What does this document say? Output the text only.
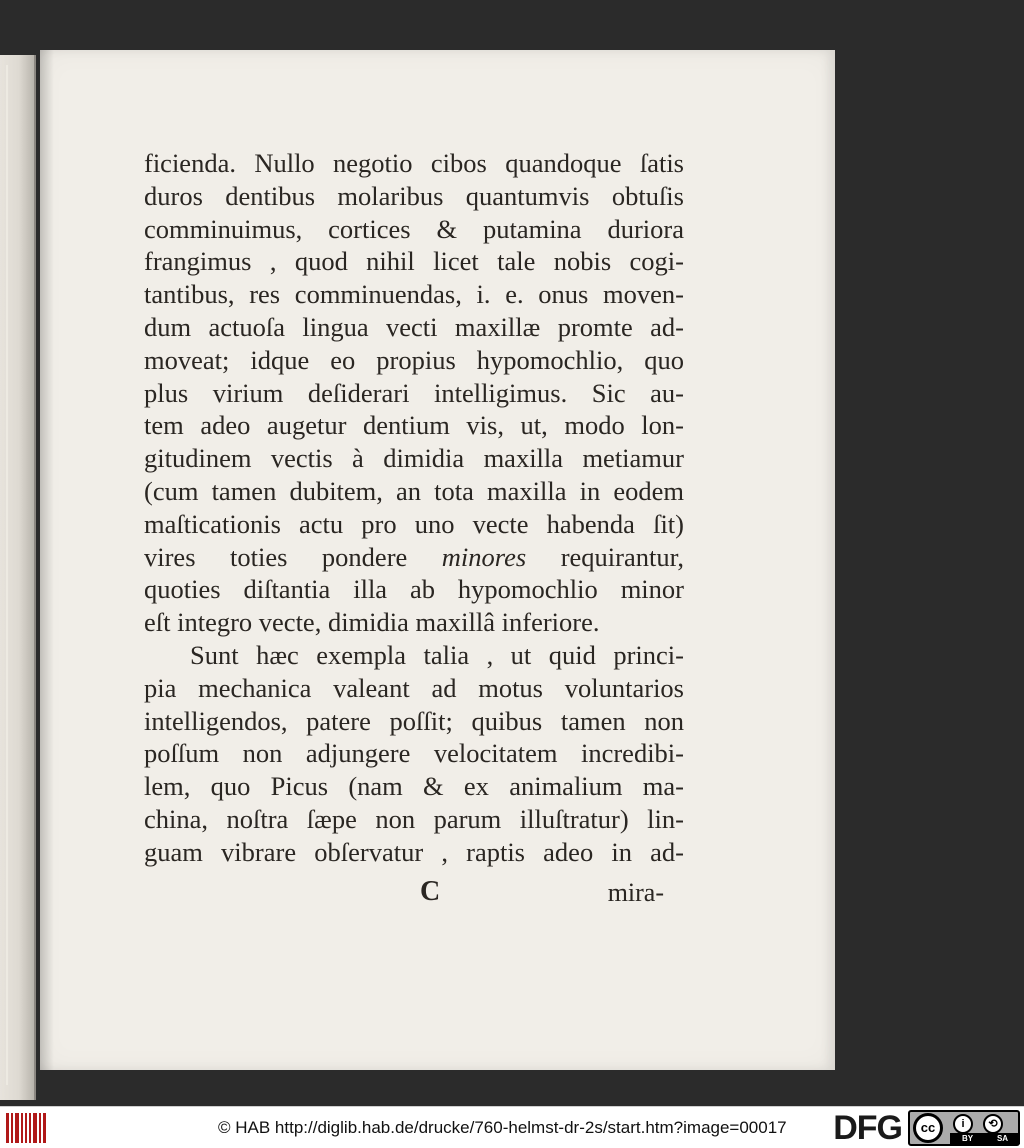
ficienda. Nullo negotio cibos quandoque ſatis
duros dentibus molaribus quantumvis obtuſis
comminuimus, cortices & putamina duriora
frangimus , quod nihil licet tale nobis cogi-
tantibus, res comminuendas, i. e. onus moven-
dum actuoſa lingua vecti maxillæ promte ad-
moveat; idque eo propius hypomochlio, quo
plus virium deſiderari intelligimus. Sic au-
tem adeo augetur dentium vis, ut, modo lon-
gitudinem vectis à dimidia maxilla metiamur
(cum tamen dubitem, an tota maxilla in eodem
maſticationis actu pro uno vecte habenda ſit)
vires toties pondere minores requirantur,
quoties diſtantia illa ab hypomochlio minor
eſt integro vecte, dimidia maxillâ inferiore.
Sunt hæc exempla talia , ut quid princi-
pia mechanica valeant ad motus voluntarios
intelligendos, patere poſſit; quibus tamen non
poſſum non adjungere velocitatem incredibi-
lem, quo Picus (nam & ex animalium ma-
china, noſtra ſæpe non parum illuſtratur) lin-
guam vibrare obſervatur , raptis adeo in ad-
C	mira-
© HAB http://diglib.hab.de/drucke/760-helmst-dr-2s/start.htm?image=00017 DFG cc	i	⟲
BY	SA
